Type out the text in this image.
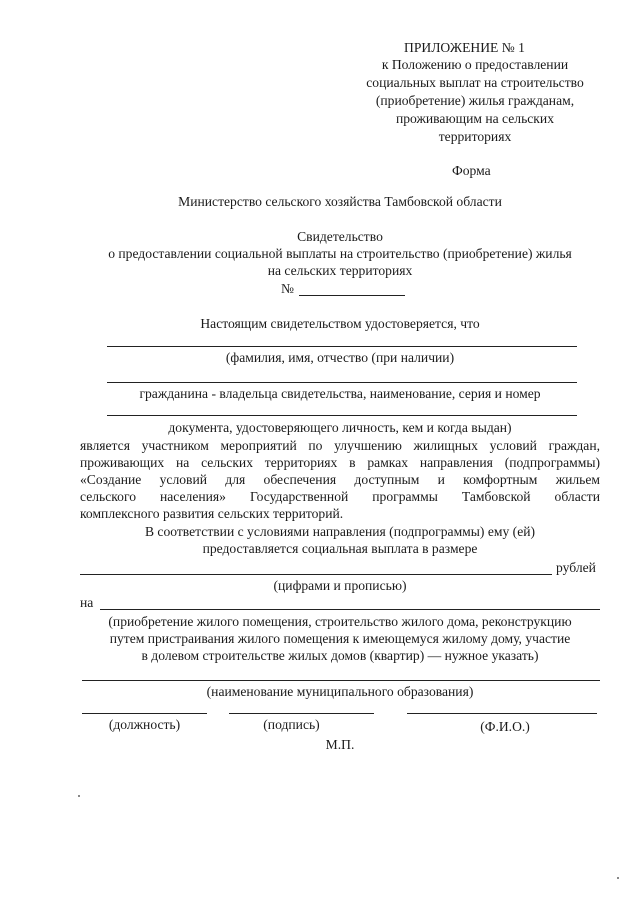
ПРИЛОЖЕНИЕ № 1
к Положению о предоставлении
социальных выплат на строительство
(приобретение) жилья гражданам,
проживающим на сельских
территориях
Форма
Министерство сельского хозяйства Тамбовской области
Свидетельство
о предоставлении социальной выплаты на строительство (приобретение) жилья
на сельских территориях
№
Настоящим свидетельством удостоверяется, что
(фамилия, имя, отчество (при наличии)
гражданина - владельца свидетельства, наименование, серия и номер
документа, удостоверяющего личность, кем и когда выдан)
является участником мероприятий по улучшению жилищных условий граждан,
проживающих на сельских территориях в рамках направления (подпрограммы)
«Создание условий для обеспечения доступным и комфортным жильем
сельского населения» Государственной программы Тамбовской области
комплексного развития сельских территорий.
В соответствии с условиями направления (подпрограммы) ему (ей)
предоставляется социальная выплата в размере
рублей
(цифрами и прописью)
на
(приобретение жилого помещения, строительство жилого дома, реконструкцию
путем пристраивания жилого помещения к имеющемуся жилому дому, участие
в долевом строительстве жилых домов (квартир) — нужное указать)
(наименование муниципального образования)
(должность)	(подпись)	(Ф.И.О.)
М.П.
